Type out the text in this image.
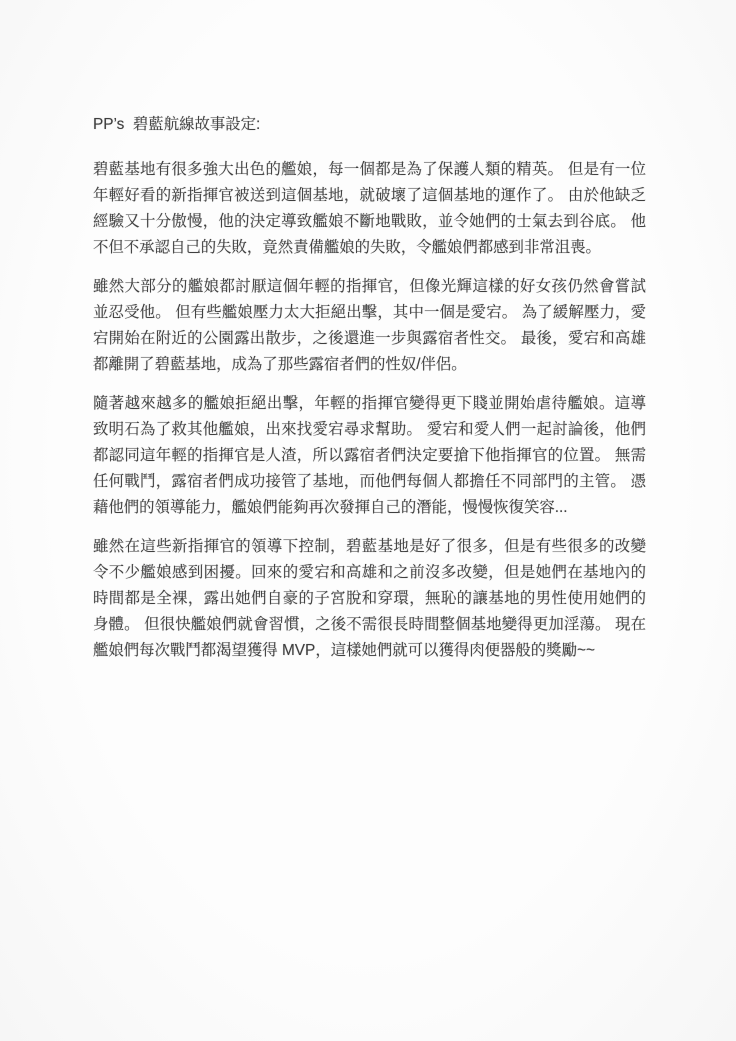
PP’s  碧藍航線故事設定:

碧藍基地有很多強大出色的艦娘，每一個都是為了保護人類的精英。 但是有一位年輕好看的新指揮官被送到這個基地，就破壞了這個基地的運作了。 由於他缺乏經驗又十分傲慢，他的決定導致艦娘不斷地戰敗，並令她們的士氣去到谷底。 他不但不承認自己的失敗，竟然責備艦娘的失敗，令艦娘們都感到非常沮喪。

雖然大部分的艦娘都討厭這個年輕的指揮官，但像光輝這樣的好女孩仍然會嘗試並忍受他。 但有些艦娘壓力太大拒絕出擊，其中一個是愛宕。 為了緩解壓力，愛宕開始在附近的公園露出散步，之後還進一步與露宿者性交。 最後，愛宕和高雄都離開了碧藍基地，成為了那些露宿者們的性奴/伴侶。

隨著越來越多的艦娘拒絕出擊，年輕的指揮官變得更下賤並開始虐待艦娘。這導致明石為了救其他艦娘，出來找愛宕尋求幫助。 愛宕和愛人們一起討論後，他們都認同這年輕的指揮官是人渣，所以露宿者們決定要搶下他指揮官的位置。 無需任何戰鬥，露宿者們成功接管了基地，而他們每個人都擔任不同部門的主管。 憑藉他們的領導能力，艦娘們能夠再次發揮自己的潛能，慢慢恢復笑容...

雖然在這些新指揮官的領導下控制，碧藍基地是好了很多，但是有些很多的改變令不少艦娘感到困擾。回來的愛宕和高雄和之前沒多改變，但是她們在基地內的時間都是全裸，露出她們自豪的子宮脫和穿環，無恥的讓基地的男性使用她們的身體。 但很快艦娘們就會習慣，之後不需很長時間整個基地變得更加淫蕩。 現在艦娘們每次戰鬥都渴望獲得 MVP，這樣她們就可以獲得肉便器般的獎勵~~
